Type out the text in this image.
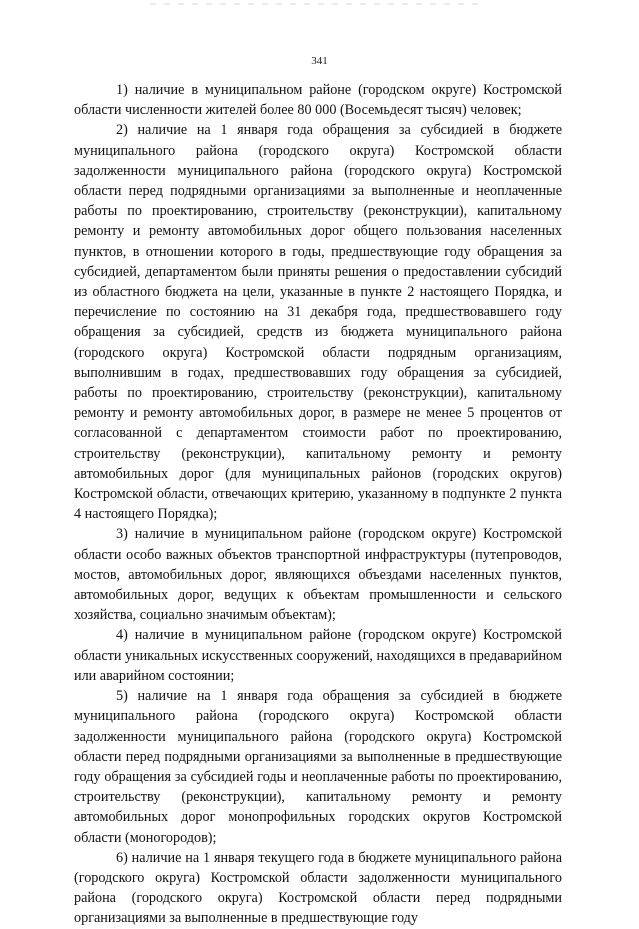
341

1) наличие в муниципальном районе (городском округе) Костромской области численности жителей более 80 000 (Восемьдесят тысяч) человек;

2) наличие на 1 января года обращения за субсидией в бюджете муниципального района (городского округа) Костромской области задолженности муниципального района (городского округа) Костромской области перед подрядными организациями за выполненные и неоплаченные работы по проектированию, строительству (реконструкции), капитальному ремонту и ремонту автомобильных дорог общего пользования населенных пунктов, в отношении которого в годы, предшествующие году обращения за субсидией, департаментом были приняты решения о предоставлении субсидий из областного бюджета на цели, указанные в пункте 2 настоящего Порядка, и перечисление по состоянию на 31 декабря года, предшествовавшего году обращения за субсидией, средств из бюджета муниципального района (городского округа) Костромской области подрядным организациям, выполнившим в годах, предшествовавших году обращения за субсидией, работы по проектированию, строительству (реконструкции), капитальному ремонту и ремонту автомобильных дорог, в размере не менее 5 процентов от согласованной с департаментом стоимости работ по проектированию, строительству (реконструкции), капитальному ремонту и ремонту автомобильных дорог (для муниципальных районов (городских округов) Костромской области, отвечающих критерию, указанному в подпункте 2 пункта 4 настоящего Порядка);

3) наличие в муниципальном районе (городском округе) Костромской области особо важных объектов транспортной инфраструктуры (путепроводов, мостов, автомобильных дорог, являющихся объездами населенных пунктов, автомобильных дорог, ведущих к объектам промышленности и сельского хозяйства, социально значимым объектам);

4) наличие в муниципальном районе (городском округе) Костромской области уникальных искусственных сооружений, находящихся в предаварийном или аварийном состоянии;

5) наличие на 1 января года обращения за субсидией в бюджете муниципального района (городского округа) Костромской области задолженности муниципального района (городского округа) Костромской области перед подрядными организациями за выполненные в предшествующие году обращения за субсидией годы и неоплаченные работы по проектированию, строительству (реконструкции), капитальному ремонту и ремонту автомобильных дорог монопрофильных городских округов Костромской области (моногородов);

6) наличие на 1 января текущего года в бюджете муниципального района (городского округа) Костромской области задолженности муниципального района (городского округа) Костромской области перед подрядными организациями за выполненные в предшествующие году
